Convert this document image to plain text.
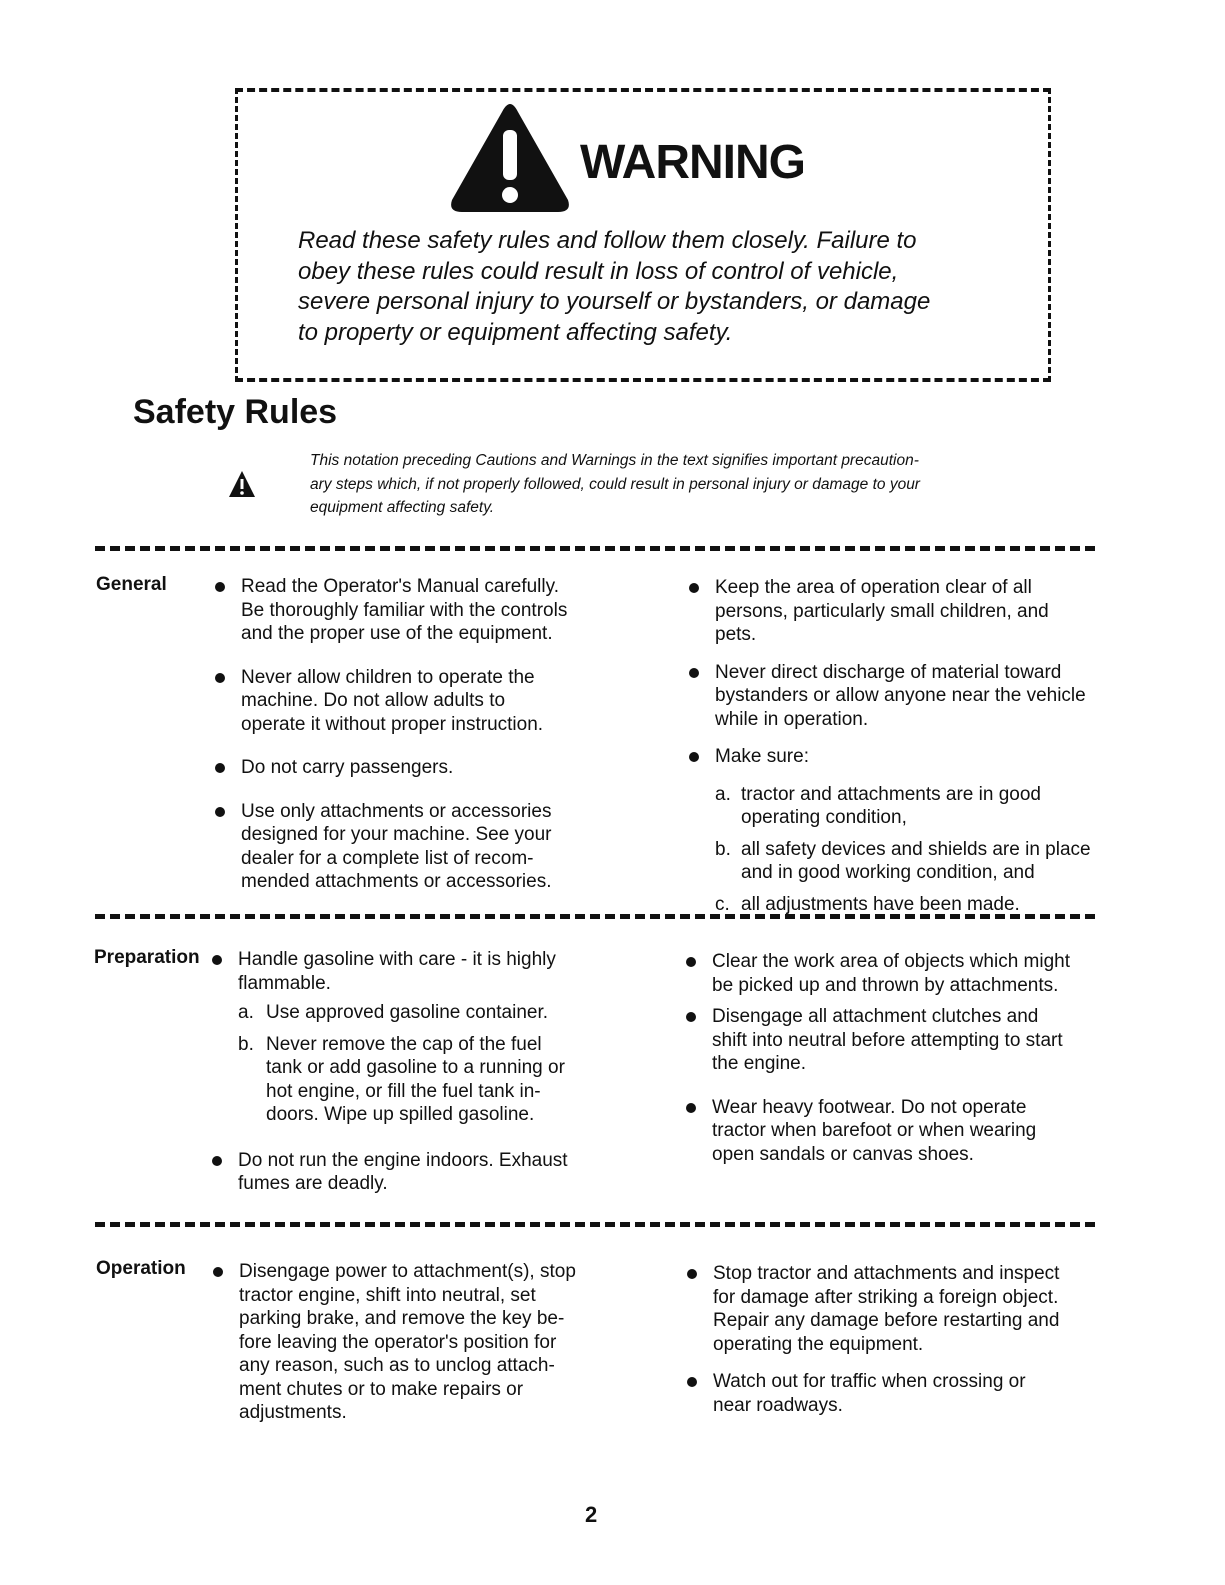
WARNING
Read these safety rules and follow them closely. Failure to
obey these rules could result in loss of control of vehicle,
severe personal injury to yourself or bystanders, or damage
to property or equipment affecting safety.
Safety Rules
This notation preceding Cautions and Warnings in the text signifies important precaution-
ary steps which, if not properly followed, could result in personal injury or damage to your
equipment affecting safety.
General	Read the Operator's Manual carefully.
Be thoroughly familiar with the controls
and the proper use of the equipment.
Never allow children to operate the
machine. Do not allow adults to
operate it without proper instruction.
Do not carry passengers.
Use only attachments or accessories
designed for your machine. See your
dealer for a complete list of recom-
mended attachments or accessories.
Keep the area of operation clear of all
persons, particularly small children, and
pets.
Never direct discharge of material toward
bystanders or allow anyone near the vehicle
while in operation.
Make sure:
a. tractor and attachments are in good
operating condition,
b. all safety devices and shields are in place
and in good working condition, and
c. all adjustments have been made.
Preparation	Handle gasoline with care - it is highly
flammable.
a. Use approved gasoline container.
b. Never remove the cap of the fuel
tank or add gasoline to a running or
hot engine, or fill the fuel tank in-
doors. Wipe up spilled gasoline.
Do not run the engine indoors. Exhaust
fumes are deadly.
Clear the work area of objects which might
be picked up and thrown by attachments.
Disengage all attachment clutches and
shift into neutral before attempting to start
the engine.
Wear heavy footwear. Do not operate
tractor when barefoot or when wearing
open sandals or canvas shoes.
Operation	Disengage power to attachment(s), stop
tractor engine, shift into neutral, set
parking brake, and remove the key be-
fore leaving the operator's position for
any reason, such as to unclog attach-
ment chutes or to make repairs or
adjustments.
Stop tractor and attachments and inspect
for damage after striking a foreign object.
Repair any damage before restarting and
operating the equipment.
Watch out for traffic when crossing or
near roadways.
2
